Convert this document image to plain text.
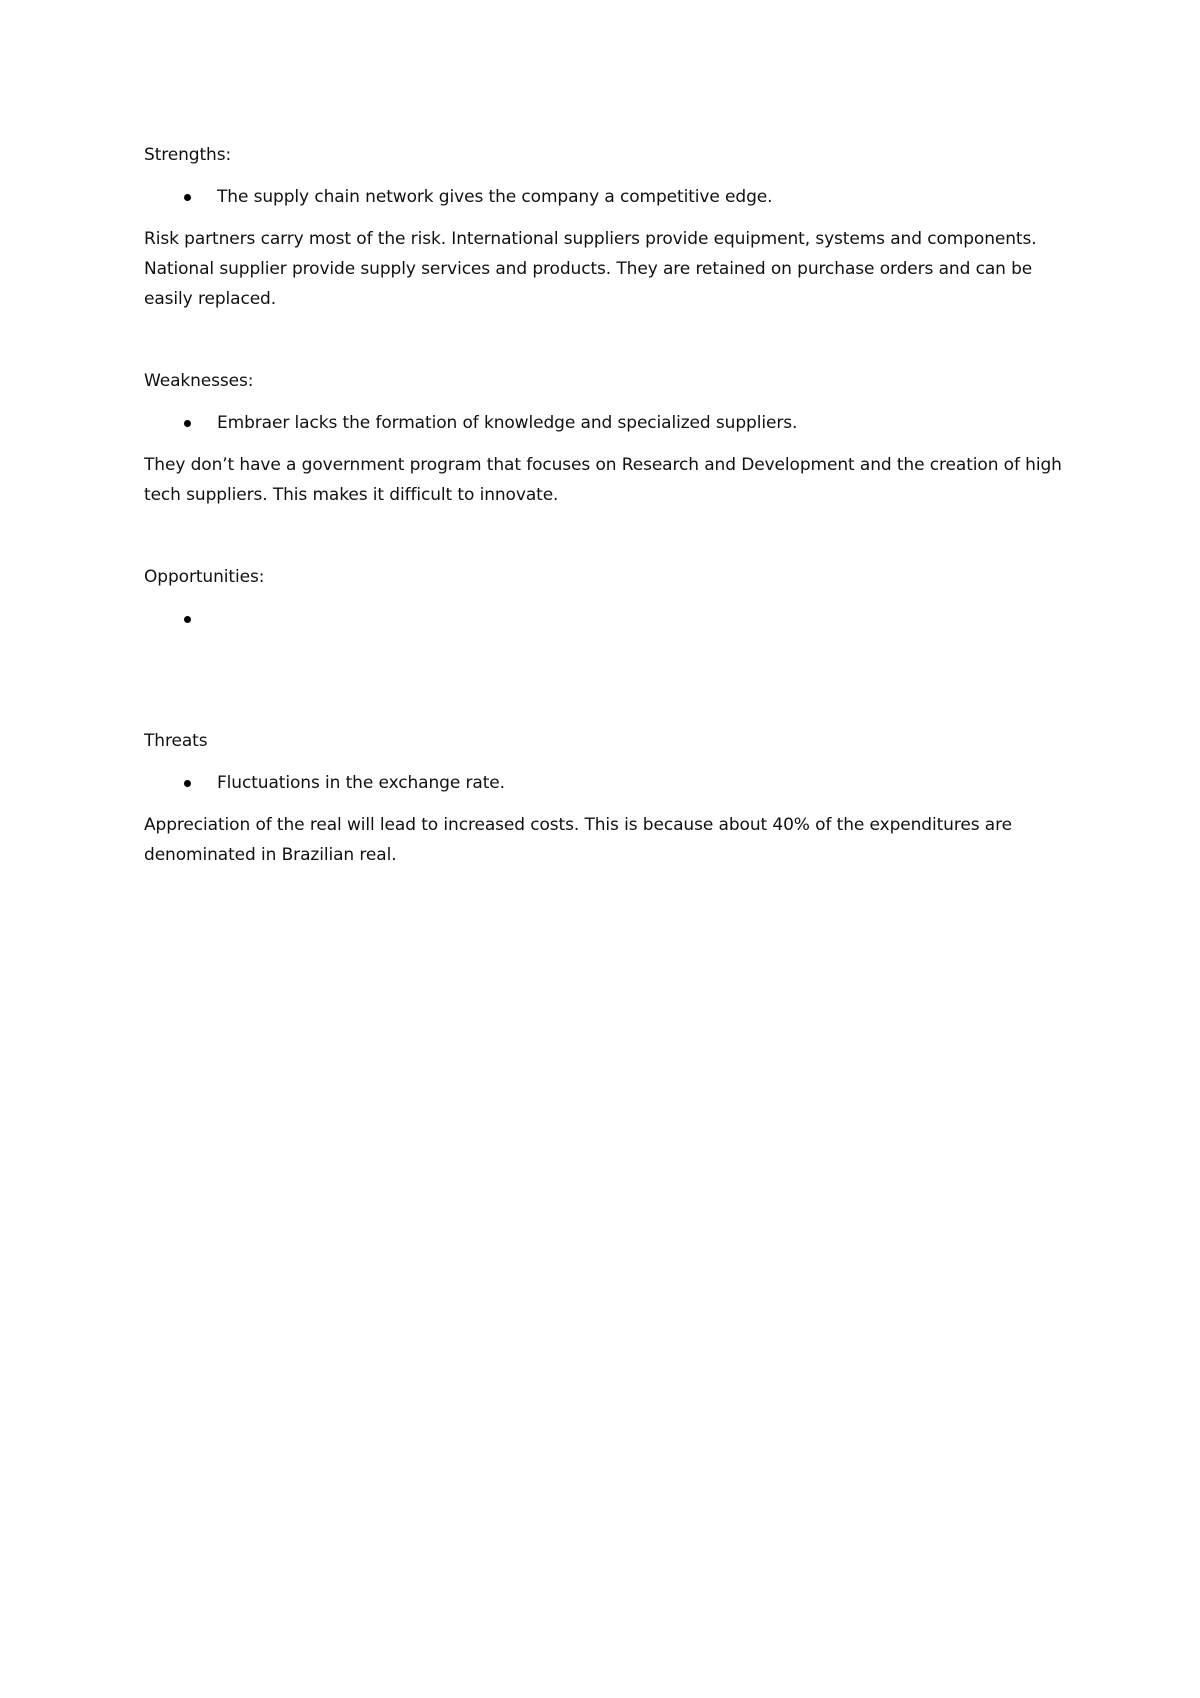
Strengths:

The supply chain network gives the company a competitive edge.

Risk partners carry most of the risk. International suppliers provide equipment, systems and components. National supplier provide supply services and products. They are retained on purchase orders and can be easily replaced.

Weaknesses:

Embraer lacks the formation of knowledge and specialized suppliers.

They don’t have a government program that focuses on Research and Development and the creation of high tech suppliers. This makes it difficult to innovate.

Opportunities:

Threats

Fluctuations in the exchange rate.

Appreciation of the real will lead to increased costs. This is because about 40% of the expenditures are denominated in Brazilian real.
